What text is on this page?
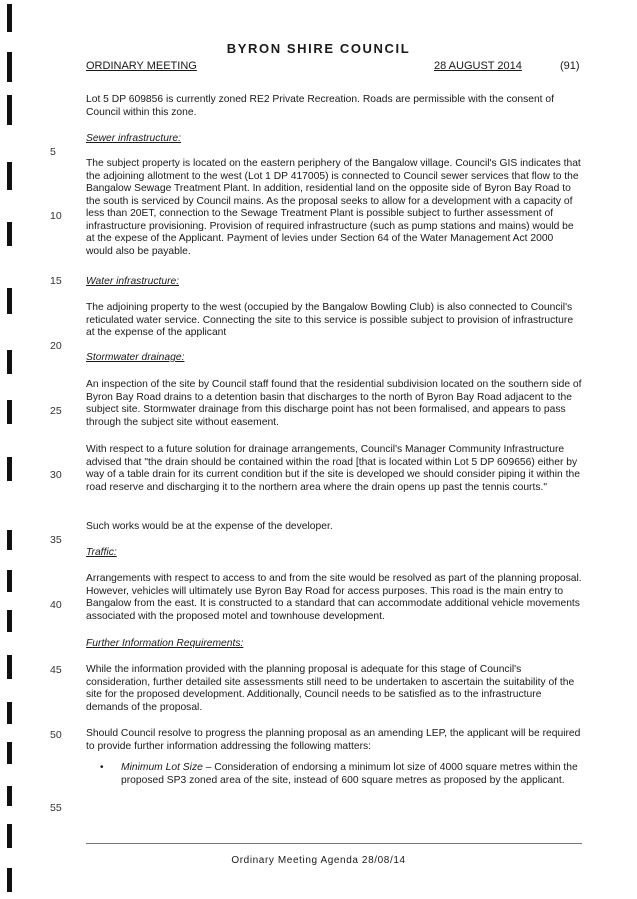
BYRON SHIRE COUNCIL
ORDINARY MEETING	28 AUGUST 2014	(91)
5
10
15
20
25
30
35
40
45
50
55
Lot 5 DP 609856 is currently zoned RE2 Private Recreation. Roads are permissible with the consent of Council within this zone.
Sewer infrastructure:
The subject property is located on the eastern periphery of the Bangalow village. Council's GIS indicates that the adjoining allotment to the west (Lot 1 DP 417005) is connected to Council sewer services that flow to the Bangalow Sewage Treatment Plant. In addition, residential land on the opposite side of Byron Bay Road to the south is serviced by Council mains. As the proposal seeks to allow for a development with a capacity of less than 20ET, connection to the Sewage Treatment Plant is possible subject to further assessment of infrastructure provisioning. Provision of required infrastructure (such as pump stations and mains) would be at the expese of the Applicant. Payment of levies under Section 64 of the Water Management Act 2000 would also be payable.
Water infrastructure:
The adjoining property to the west (occupied by the Bangalow Bowling Club) is also connected to Council's reticulated water service. Connecting the site to this service is possible subject to provision of infrastructure at the expense of the applicant
Stormwater drainage:
An inspection of the site by Council staff found that the residential subdivision located on the southern side of Byron Bay Road drains to a detention basin that discharges to the north of Byron Bay Road adjacent to the subject site. Stormwater drainage from this discharge point has not been formalised, and appears to pass through the subject site without easement.
With respect to a future solution for drainage arrangements, Council's Manager Community Infrastructure advised that "the drain should be contained within the road [that is located within Lot 5 DP 609656) either by way of a table drain for its current condition but if the site is developed we should consider piping it within the road reserve and discharging it to the northern area where the drain opens up past the tennis courts."
Such works would be at the expense of the developer.
Traffic:
Arrangements with respect to access to and from the site would be resolved as part of the planning proposal. However, vehicles will ultimately use Byron Bay Road for access purposes. This road is the main entry to Bangalow from the east. It is constructed to a standard that can accommodate additional vehicle movements associated with the proposed motel and townhouse development.
Further Information Requirements:
While the information provided with the planning proposal is adequate for this stage of Council's consideration, further detailed site assessments still need to be undertaken to ascertain the suitability of the site for the proposed development. Additionally, Council needs to be satisfied as to the infrastructure demands of the proposal.
Should Council resolve to progress the planning proposal as an amending LEP, the applicant will be required to provide further information addressing the following matters:
• Minimum Lot Size – Consideration of endorsing a minimum lot size of 4000 square metres within the proposed SP3 zoned area of the site, instead of 600 square metres as proposed by the applicant.
Ordinary Meeting Agenda 28/08/14
